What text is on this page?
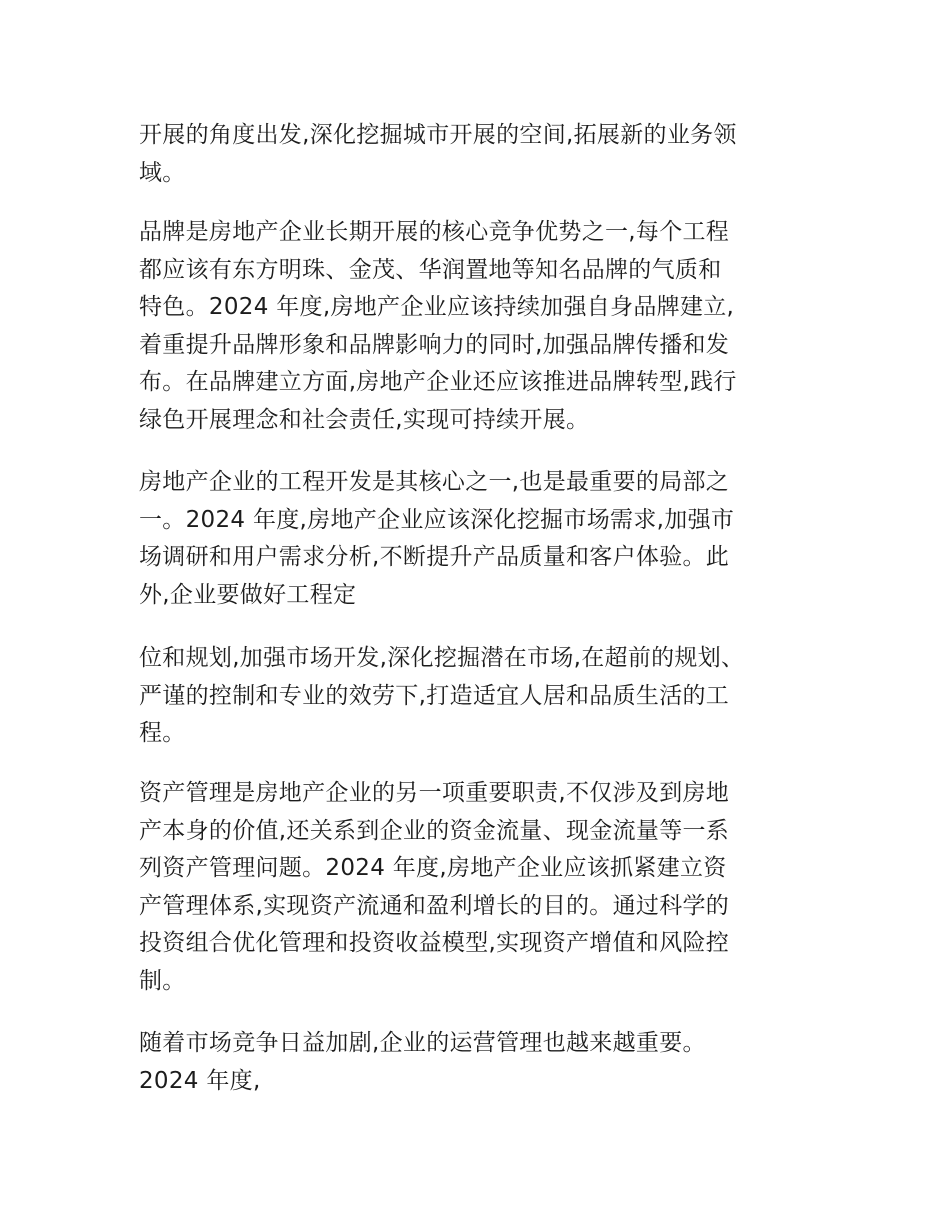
开展的角度出发,深化挖掘城市开展的空间,拓展新的业务领
域。

品牌是房地产企业长期开展的核心竞争优势之一,每个工程
都应该有东方明珠、金茂、华润置地等知名品牌的气质和
特色。2024 年度,房地产企业应该持续加强自身品牌建立,
着重提升品牌形象和品牌影响力的同时,加强品牌传播和发
布。在品牌建立方面,房地产企业还应该推进品牌转型,践行
绿色开展理念和社会责任,实现可持续开展。

房地产企业的工程开发是其核心之一,也是最重要的局部之
一。2024 年度,房地产企业应该深化挖掘市场需求,加强市
场调研和用户需求分析,不断提升产品质量和客户体验。此
外,企业要做好工程定

位和规划,加强市场开发,深化挖掘潜在市场,在超前的规划、
严谨的控制和专业的效劳下,打造适宜人居和品质生活的工
程。

资产管理是房地产企业的另一项重要职责,不仅涉及到房地
产本身的价值,还关系到企业的资金流量、现金流量等一系
列资产管理问题。2024 年度,房地产企业应该抓紧建立资
产管理体系,实现资产流通和盈利增长的目的。通过科学的
投资组合优化管理和投资收益模型,实现资产增值和风险控
制。

随着市场竞争日益加剧,企业的运营管理也越来越重要。
2024 年度,
